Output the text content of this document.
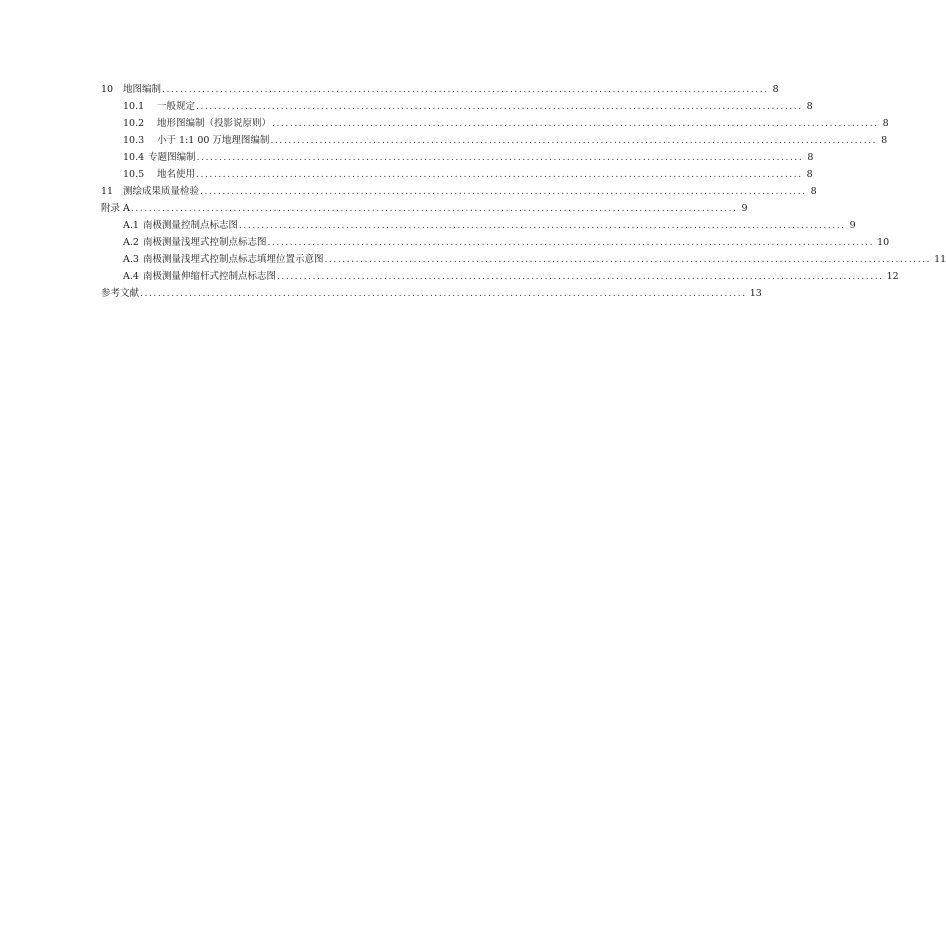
10	地图编制 ........................................................................................................................................ 8
10.1	一般规定 ........................................................................................................................................ 8
10.2	地形图编制（投影说原则） ........................................................................................................................................ 8
10.3	小于 1:1 00 万地理图编制 ........................................................................................................................................ 8
10.4 专题图编制 ........................................................................................................................................ 8
10.5	地名使用 ........................................................................................................................................ 8
11	测绘成果质量检验 ........................................................................................................................................ 8
附录 A ........................................................................................................................................ 9
A.1 南极测量控制点标志图 ........................................................................................................................................ 9
A.2 南极测量浅埋式控制点标志图 ........................................................................................................................................ 10
A.3 南极测量浅埋式控制点标志填埋位置示意图 ........................................................................................................................................ 11
A.4 南极测量伸缩杆式控制点标志图 ........................................................................................................................................ 12
参考文献 ........................................................................................................................................ 13
